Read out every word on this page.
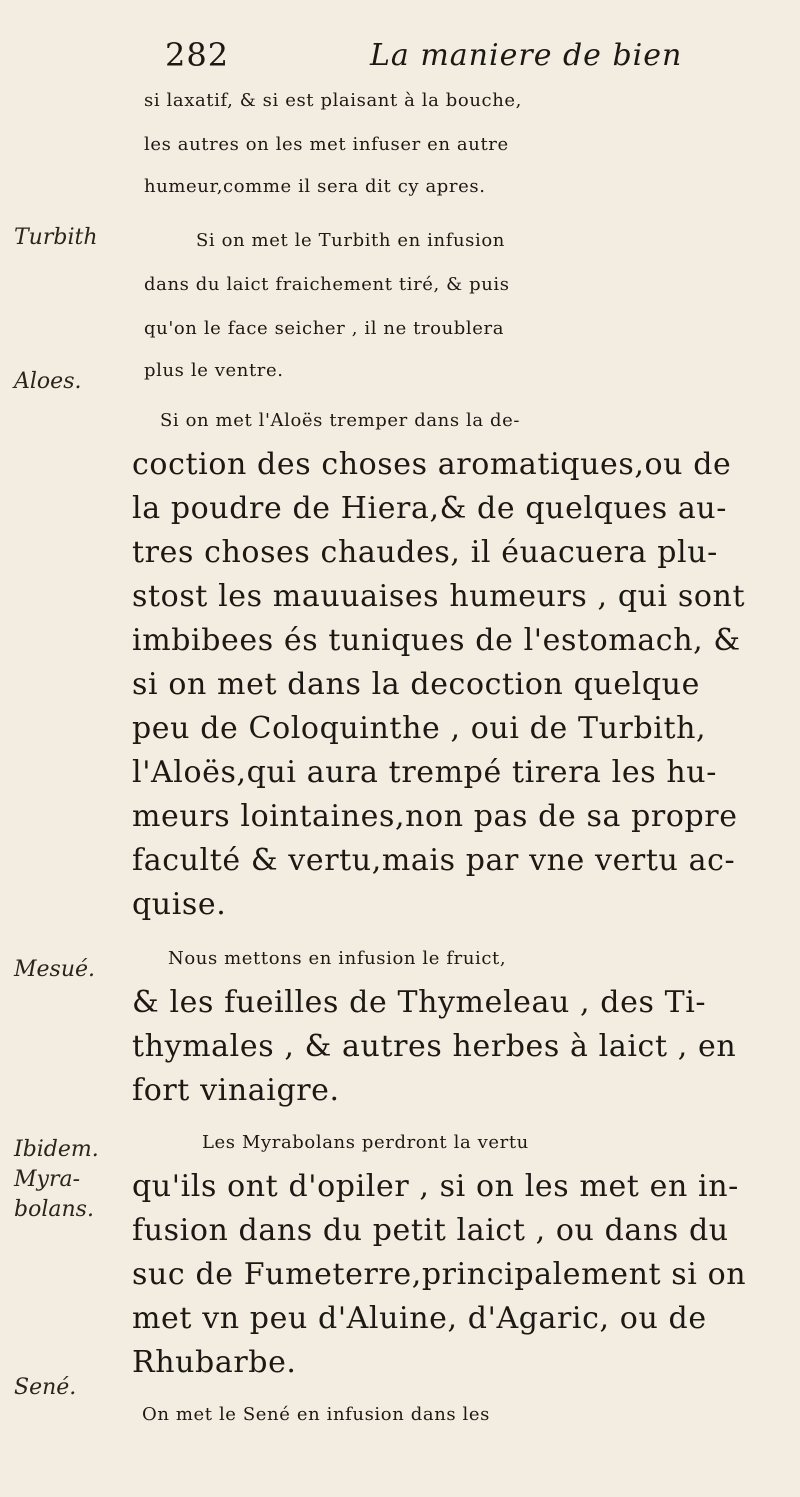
282	La maniere de bien
Turbith
Aloes.
Mesué.
Ibidem.
Myra-
bolans.
Sené.
si laxatif, & si est plaisant à la bouche,
les autres on les met infuser en autre
humeur,comme il sera dit cy apres.
Si on met le Turbith en infusion
dans du laict fraichement tiré, & puis
qu'on le face seicher , il ne troublera
plus le ventre.
Si on met l'Aloës tremper dans la de-
coction des choses aromatiques,ou de
la poudre de Hiera,& de quelques au-
tres choses chaudes, il éuacuera plu-
stost les mauuaises humeurs , qui sont
imbibees és tuniques de l'estomach, &
si on met dans la decoction quelque
peu de Coloquinthe , oui de Turbith,
l'Aloës,qui aura trempé tirera les hu-
meurs lointaines,non pas de sa propre
faculté & vertu,mais par vne vertu ac-
quise.
Nous mettons en infusion le fruict,
& les fueilles de Thymeleau , des Ti-
thymales , & autres herbes à laict , en
fort vinaigre.
Les Myrabolans perdront la vertu
qu'ils ont d'opiler , si on les met en in-
fusion dans du petit laict , ou dans du
suc de Fumeterre,principalement si on
met vn peu d'Aluine, d'Agaric, ou de
Rhubarbe.
On met le Sené en infusion dans les
